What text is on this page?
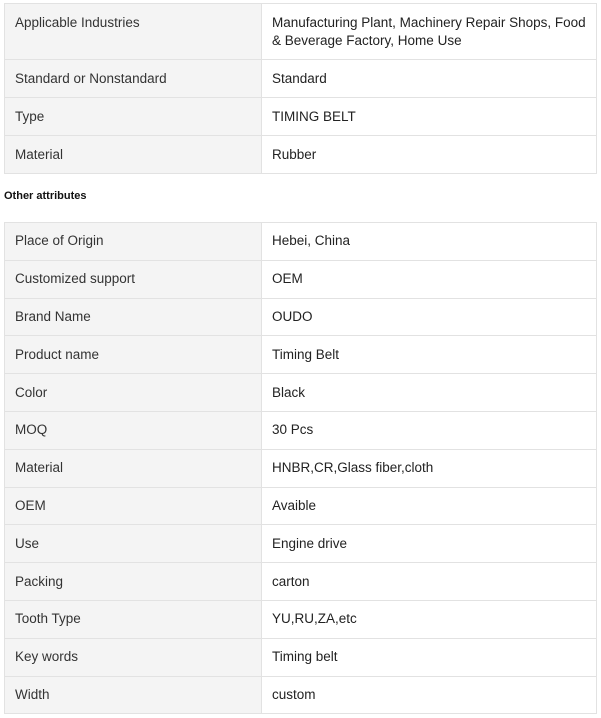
Applicable Industries	Manufacturing Plant, Machinery Repair Shops, Food & Beverage Factory, Home Use
Standard or Nonstandard	Standard
Type	TIMING BELT
Material	Rubber
Other attributes
Place of Origin	Hebei, China
Customized support	OEM
Brand Name	OUDO
Product name	Timing Belt
Color	Black
MOQ	30 Pcs
Material	HNBR,CR,Glass fiber,cloth
OEM	Avaible
Use	Engine drive
Packing	carton
Tooth Type	YU,RU,ZA,etc
Key words	Timing belt
Width	custom
